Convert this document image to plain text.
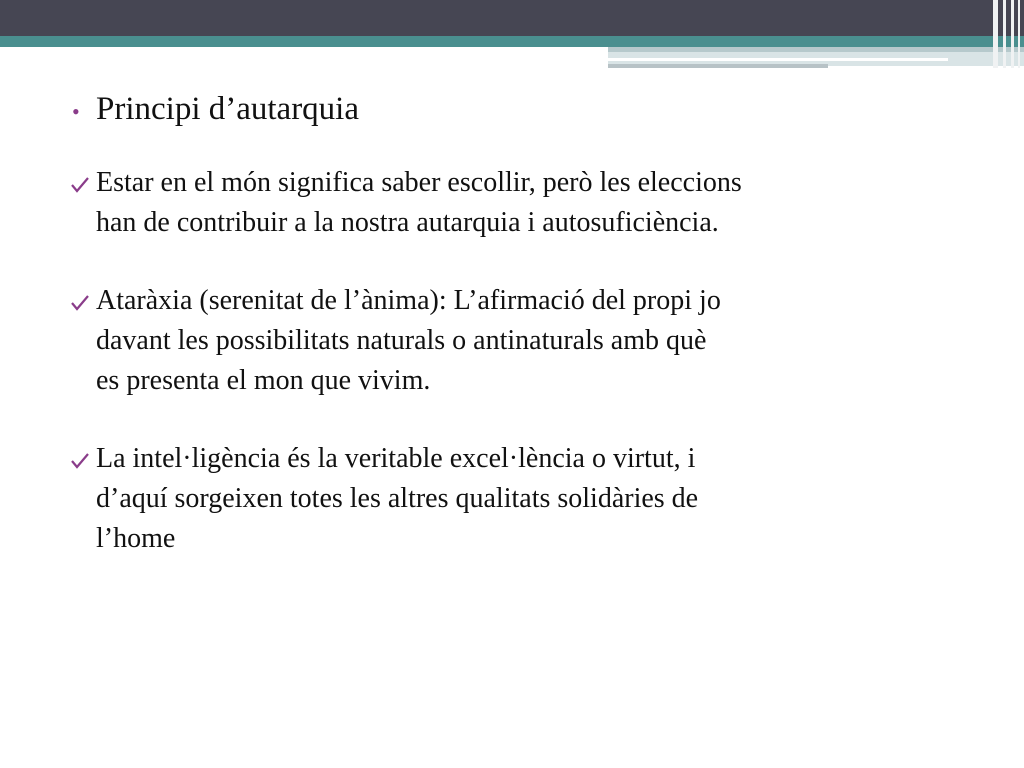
• Principi d’autarquia
Estar en el món significa saber escollir, però les eleccions
han de contribuir a la nostra autarquia i autosuficiència.
Ataràxia (serenitat de l’ànima): L’afirmació del propi jo
davant les possibilitats naturals o antinaturals amb què
es presenta el mon que vivim.
La intel·ligència és la veritable excel·lència o virtut, i
d’aquí sorgeixen totes les altres qualitats solidàries de
l’home
